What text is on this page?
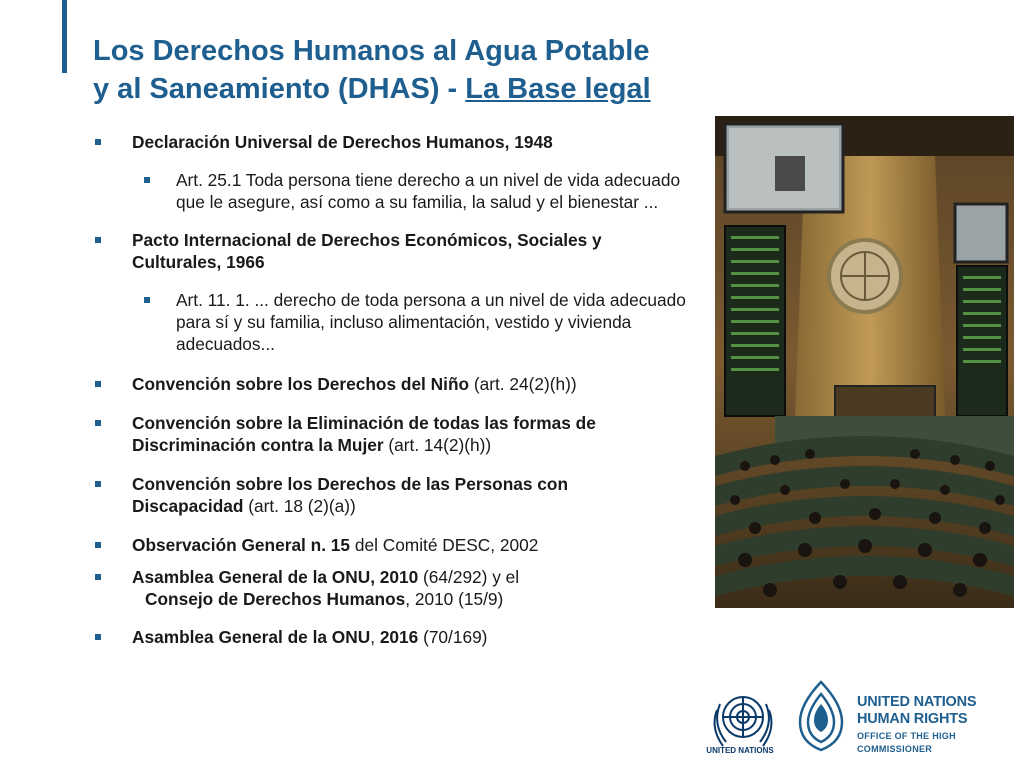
Los Derechos Humanos al Agua Potable
y al Saneamiento (DHAS) - La Base legal
Declaración Universal de Derechos Humanos, 1948
Art. 25.1 Toda persona tiene derecho a un nivel de vida adecuado que le asegure, así como a su familia, la salud y el bienestar ...
Pacto Internacional de Derechos Económicos, Sociales y Culturales, 1966
Art. 11. 1. ... derecho de toda persona a un nivel de vida adecuado para sí y su familia, incluso alimentación, vestido y vivienda adecuados...
Convención sobre los Derechos del Niño (art. 24(2)(h))
Convención sobre la Eliminación de todas las formas de Discriminación contra la Mujer (art. 14(2)(h))
Convención sobre los Derechos de las Personas con Discapacidad (art. 18 (2)(a))
Observación General n. 15 del Comité DESC, 2002
Asamblea General de la ONU, 2010 (64/292) y el
Consejo de Derechos Humanos, 2010 (15/9)
Asamblea General de la ONU, 2016 (70/169)
UNITED NATIONS
UNITED NATIONS
HUMAN RIGHTS
OFFICE OF THE HIGH COMMISSIONER
